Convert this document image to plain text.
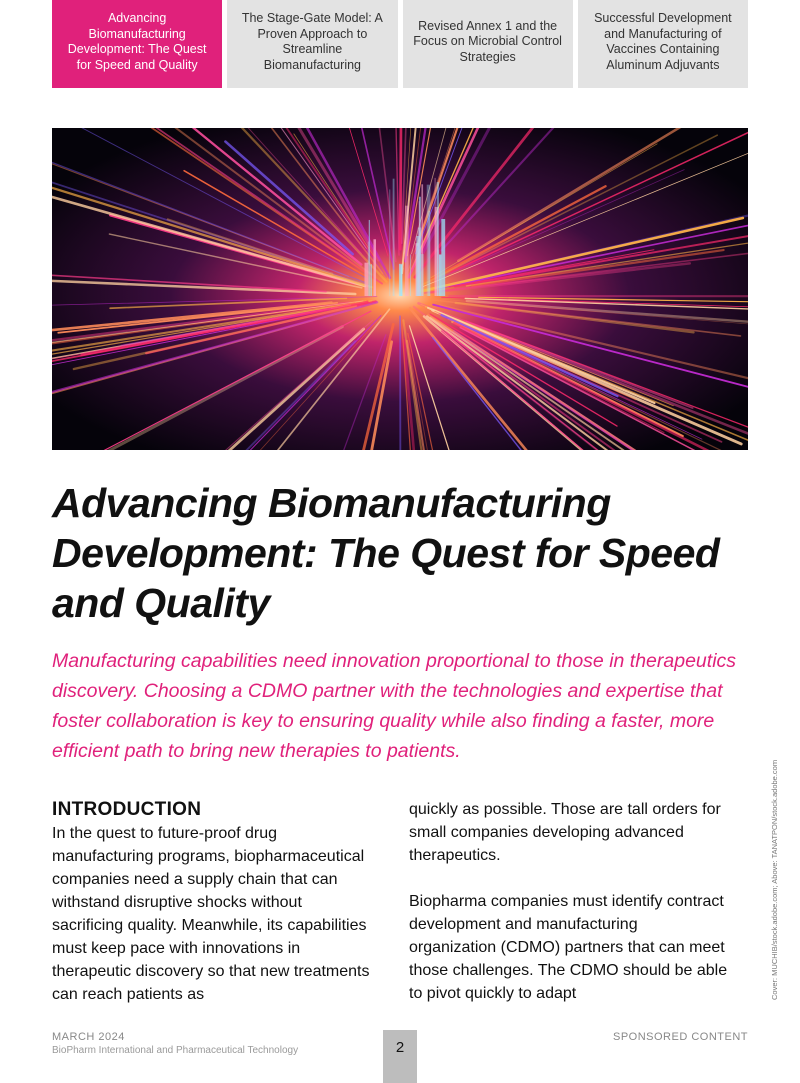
Advancing Biomanufacturing Development: The Quest for Speed and Quality
The Stage-Gate Model: A Proven Approach to Streamline Biomanufacturing
Revised Annex 1 and the Focus on Microbial Control Strategies
Successful Development and Manufacturing of Vaccines Containing Aluminum Adjuvants
Advancing Biomanufacturing Development: The Quest for Speed and Quality

Manufacturing capabilities need innovation proportional to those in therapeutics discovery. Choosing a CDMO partner with the technologies and expertise that foster collaboration is key to ensuring quality while also finding a faster, more efficient path to bring new therapies to patients.

INTRODUCTION

In the quest to future-proof drug manufacturing programs, biopharmaceutical companies need a supply chain that can withstand disruptive shocks without sacrificing quality. Meanwhile, its capabilities must keep pace with innovations in therapeutic discovery so that new treatments can reach patients as

quickly as possible. Those are tall orders for small companies developing advanced therapeutics.

Biopharma companies must identify contract development and manufacturing organization (CDMO) partners that can meet those challenges. The CDMO should be able to pivot quickly to adapt	Cover: MUCHIB/stock.adobe.com; Above: TANATPON/stock.adobe.com
MARCH 2024
BioPharm International and Pharmaceutical Technology
SPONSORED CONTENT
2
